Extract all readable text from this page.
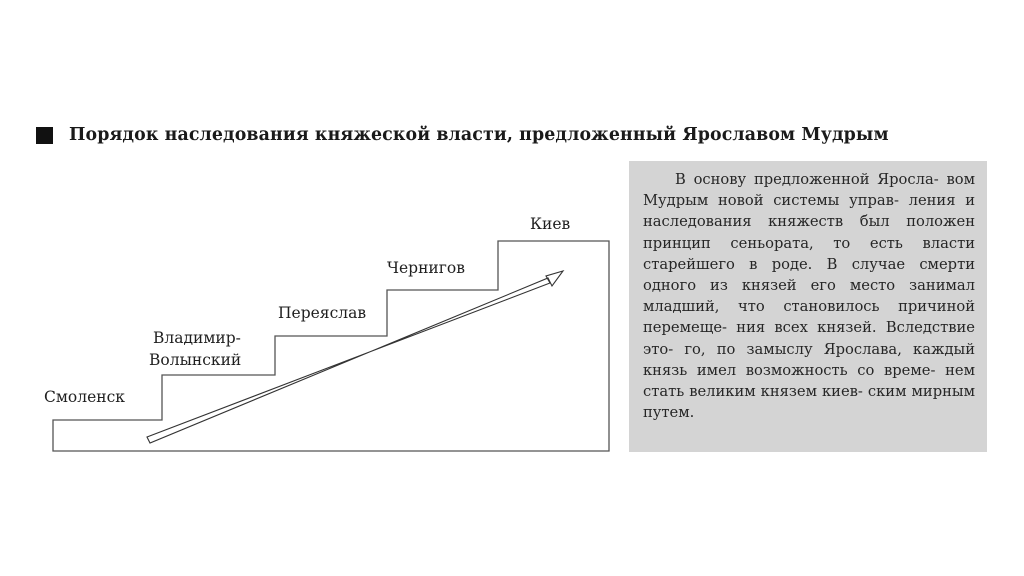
Порядок наследования княжеской власти, предложенный Ярославом Мудрым
Смоленск
Владимир-
Волынский
Переяслав
Чернигов
Киев

В основу предложенной Яросла- вом Мудрым новой системы управ- ления и наследования княжеств был положен принцип сеньората, то есть власти старейшего в роде. В случае смерти одного из князей его место занимал младший, что становилось причиной перемеще- ния всех князей. Вследствие это- го, по замыслу Ярослава, каждый князь имел возможность со време- нем стать великим князем киев- ским мирным путем.
